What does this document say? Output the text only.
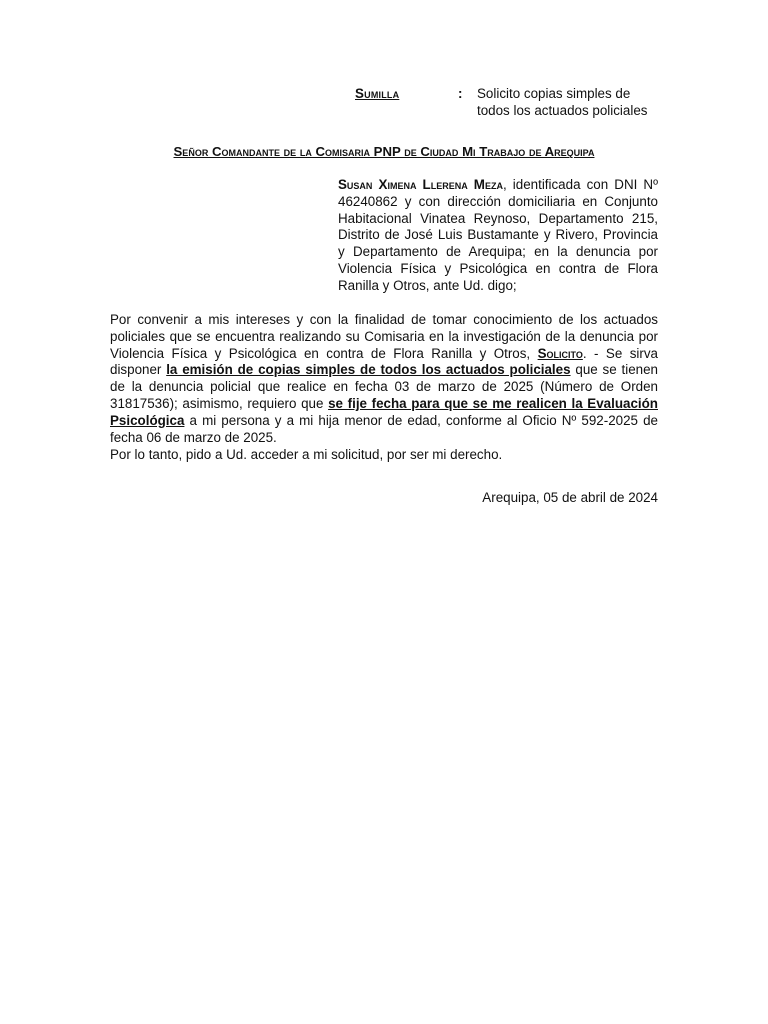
Sumilla	: Solicito copias simples de todos los actuados policiales
Señor Comandante de la Comisaria PNP de Ciudad Mi Trabajo de Arequipa
Susan Ximena Llerena Meza, identificada con DNI Nº 46240862 y con dirección domiciliaria en Conjunto Habitacional Vinatea Reynoso, Departamento 215, Distrito de José Luis Bustamante y Rivero, Provincia y Departamento de Arequipa; en la denuncia por Violencia Física y Psicológica en contra de Flora Ranilla y Otros, ante Ud. digo;
Por convenir a mis intereses y con la finalidad de tomar conocimiento de los actuados policiales que se encuentra realizando su Comisaria en la investigación de la denuncia por Violencia Física y Psicológica en contra de Flora Ranilla y Otros, Solicito. - Se sirva disponer la emisión de copias simples de todos los actuados policiales que se tienen de la denuncia policial que realice en fecha 03 de marzo de 2025 (Número de Orden 31817536); asimismo, requiero que se fije fecha para que se me realicen la Evaluación Psicológica a mi persona y a mi hija menor de edad, conforme al Oficio Nº 592-2025 de fecha 06 de marzo de 2025.
Por lo tanto, pido a Ud. acceder a mi solicitud, por ser mi derecho.
Arequipa, 05 de abril de 2024
